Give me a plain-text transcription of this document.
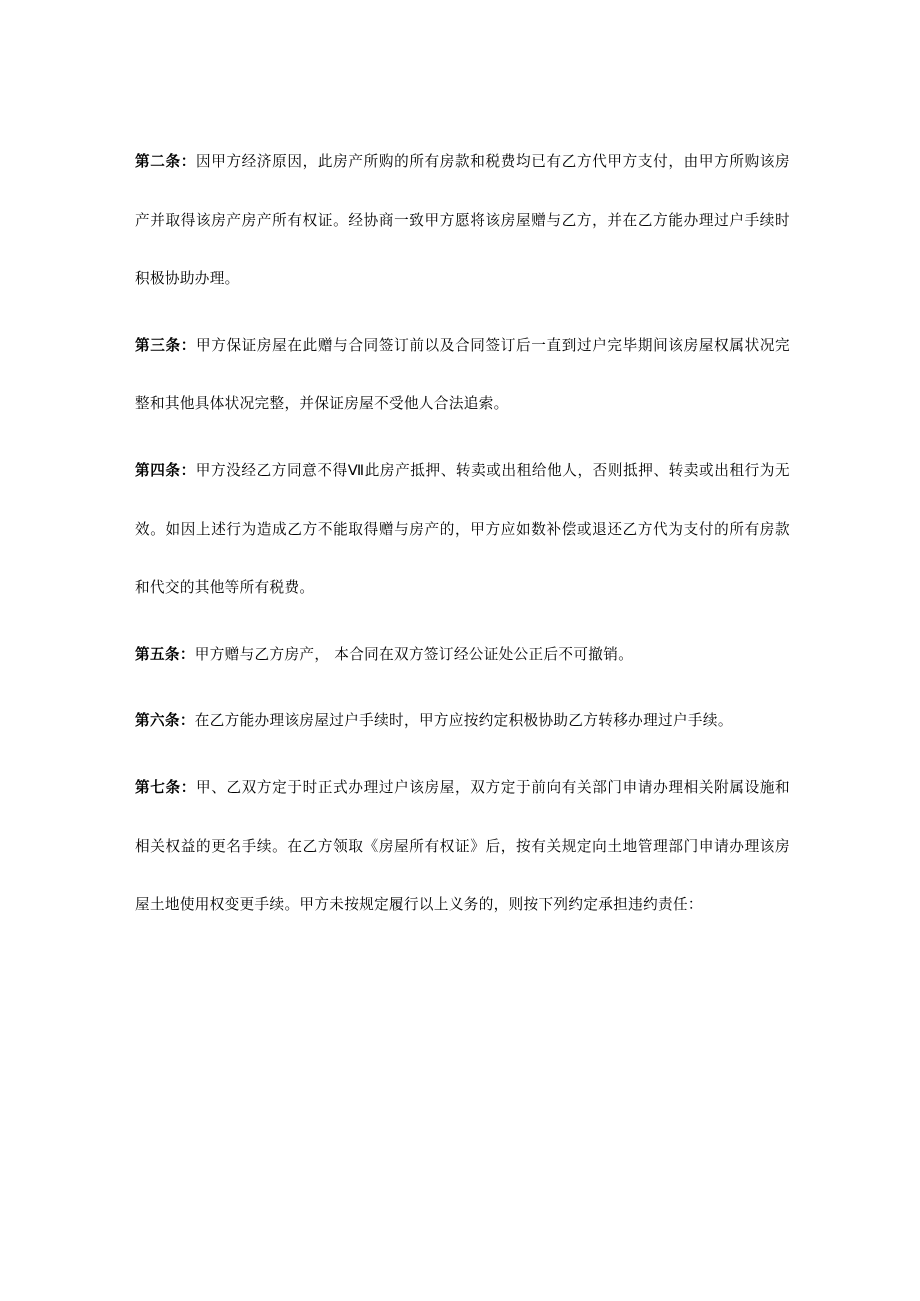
第二条：因甲方经济原因，此房产所购的所有房款和税费均已有乙方代甲方支付，由甲方所购该房产并取得该房产房产所有权证。经协商一致甲方愿将该房屋赠与乙方，并在乙方能办理过户手续时积极协助办理。

第三条：甲方保证房屋在此赠与合同签订前以及合同签订后一直到过户完毕期间该房屋权属状况完整和其他具体状况完整，并保证房屋不受他人合法追索。

第四条：甲方没经乙方同意不得Ⅶ此房产抵押、转卖或出租给他人，否则抵押、转卖或出租行为无效。如因上述行为造成乙方不能取得赠与房产的，甲方应如数补偿或退还乙方代为支付的所有房款和代交的其他等所有税费。

第五条：甲方赠与乙方房产， 本合同在双方签订经公证处公正后不可撤销。

第六条：在乙方能办理该房屋过户手续时，甲方应按约定积极协助乙方转移办理过户手续。

第七条：甲、乙双方定于时正式办理过户该房屋，双方定于前向有关部门申请办理相关附属设施和相关权益的更名手续。在乙方领取《房屋所有权证》后，按有关规定向土地管理部门申请办理该房屋土地使用权变更手续。甲方未按规定履行以上义务的，则按下列约定承担违约责任：
